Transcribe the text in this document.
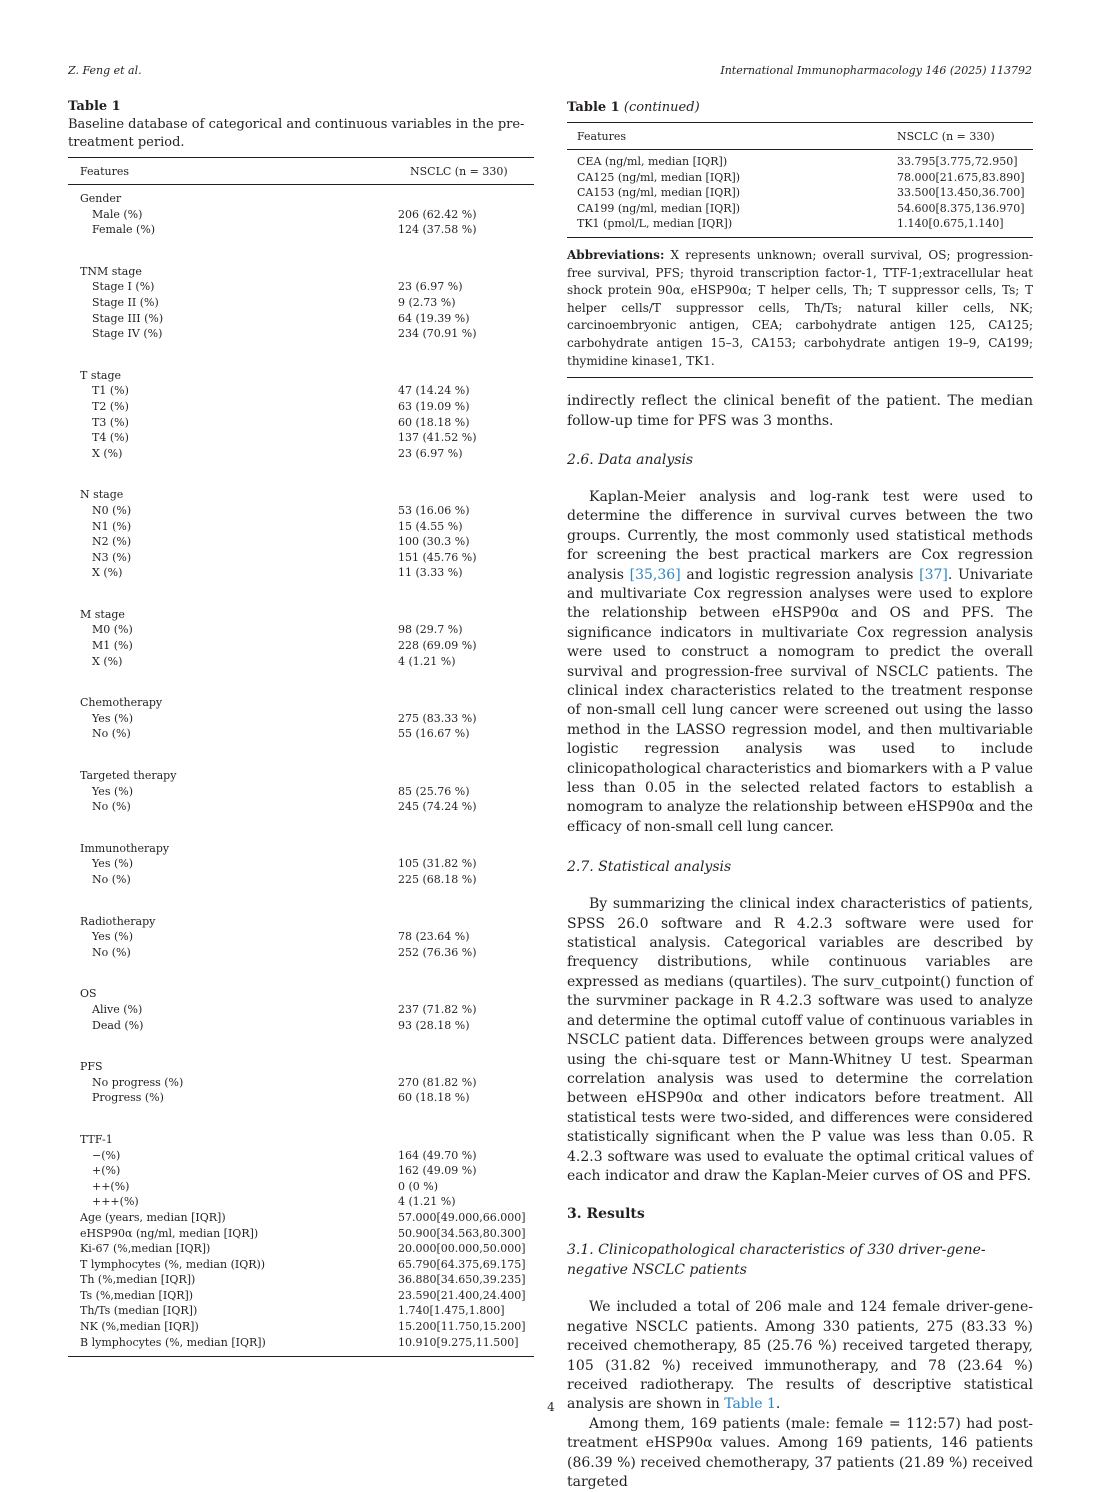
Z. Feng et al.	International Immunopharmacology 146 (2025) 113792

Table 1

Baseline database of categorical and continuous variables in the pre-treatment period.

Features	NSCLC (n = 330)
Gender
Male (%)	206 (62.42 %)
Female (%)	124 (37.58 %)
TNM stage
Stage I (%)	23 (6.97 %)
Stage II (%)	9 (2.73 %)
Stage III (%)	64 (19.39 %)
Stage IV (%)	234 (70.91 %)
T stage
T1 (%)	47 (14.24 %)
T2 (%)	63 (19.09 %)
T3 (%)	60 (18.18 %)
T4 (%)	137 (41.52 %)
X (%)	23 (6.97 %)
N stage
N0 (%)	53 (16.06 %)
N1 (%)	15 (4.55 %)
N2 (%)	100 (30.3 %)
N3 (%)	151 (45.76 %)
X (%)	11 (3.33 %)
M stage
M0 (%)	98 (29.7 %)
M1 (%)	228 (69.09 %)
X (%)	4 (1.21 %)
Chemotherapy
Yes (%)	275 (83.33 %)
No (%)	55 (16.67 %)
Targeted therapy
Yes (%)	85 (25.76 %)
No (%)	245 (74.24 %)
Immunotherapy
Yes (%)	105 (31.82 %)
No (%)	225 (68.18 %)
Radiotherapy
Yes (%)	78 (23.64 %)
No (%)	252 (76.36 %)
OS
Alive (%)	237 (71.82 %)
Dead (%)	93 (28.18 %)
PFS
No progress (%)	270 (81.82 %)
Progress (%)	60 (18.18 %)
TTF-1
−(%)	164 (49.70 %)
+(%)	162 (49.09 %)
++(%)	0 (0 %)
+++(%)	4 (1.21 %)
Age (years, median [IQR])	57.000[49.000,66.000]
eHSP90α (ng/ml, median [IQR])	50.900[34.563,80.300]
Ki-67 (%,median [IQR])	20.000[00.000,50.000]
T lymphocytes (%, median (IQR))	65.790[64.375,69.175]
Th (%,median [IQR])	36.880[34.650,39.235]
Ts (%,median [IQR])	23.590[21.400,24.400]
Th/Ts (median [IQR])	1.740[1.475,1.800]
NK (%,median [IQR])	15.200[11.750,15.200]
B lymphocytes (%, median [IQR])	10.910[9.275,11.500]

Table 1 (continued)

Features	NSCLC (n = 330)
CEA (ng/ml, median [IQR])	33.795[3.775,72.950]
CA125 (ng/ml, median [IQR])	78.000[21.675,83.890]
CA153 (ng/ml, median [IQR])	33.500[13.450,36.700]
CA199 (ng/ml, median [IQR])	54.600[8.375,136.970]
TK1 (pmol/L, median [IQR])	1.140[0.675,1.140]
Abbreviations: X represents unknown; overall survival, OS; progression-free survival, PFS; thyroid transcription factor-1, TTF-1;extracellular heat shock protein 90α, eHSP90α; T helper cells, Th; T suppressor cells, Ts; T helper cells/T suppressor cells, Th/Ts; natural killer cells, NK; carcinoembryonic antigen, CEA; carbohydrate antigen 125, CA125; carbohydrate antigen 15–3, CA153; carbohydrate antigen 19–9, CA199; thymidine kinase1, TK1.

indirectly reflect the clinical benefit of the patient. The median follow-up time for PFS was 3 months.

2.6. Data analysis

Kaplan-Meier analysis and log-rank test were used to determine the difference in survival curves between the two groups. Currently, the most commonly used statistical methods for screening the best practical markers are Cox regression analysis [35,36] and logistic regression analysis [37]. Univariate and multivariate Cox regression analyses were used to explore the relationship between eHSP90α and OS and PFS. The significance indicators in multivariate Cox regression analysis were used to construct a nomogram to predict the overall survival and progression-free survival of NSCLC patients. The clinical index characteristics related to the treatment response of non-small cell lung cancer were screened out using the lasso method in the LASSO regression model, and then multivariable logistic regression analysis was used to include clinicopathological characteristics and biomarkers with a P value less than 0.05 in the selected related factors to establish a nomogram to analyze the relationship between eHSP90α and the efficacy of non-small cell lung cancer.

2.7. Statistical analysis

By summarizing the clinical index characteristics of patients, SPSS 26.0 software and R 4.2.3 software were used for statistical analysis. Categorical variables are described by frequency distributions, while continuous variables are expressed as medians (quartiles). The surv_cutpoint() function of the survminer package in R 4.2.3 software was used to analyze and determine the optimal cutoff value of continuous variables in NSCLC patient data. Differences between groups were analyzed using the chi-square test or Mann-Whitney U test. Spearman correlation analysis was used to determine the correlation between eHSP90α and other indicators before treatment. All statistical tests were two-sided, and differences were considered statistically significant when the P value was less than 0.05. R 4.2.3 software was used to evaluate the optimal critical values of each indicator and draw the Kaplan-Meier curves of OS and PFS.

3. Results

3.1. Clinicopathological characteristics of 330 driver-gene-negative NSCLC patients

We included a total of 206 male and 124 female driver-gene-negative NSCLC patients. Among 330 patients, 275 (83.33 %) received chemotherapy, 85 (25.76 %) received targeted therapy, 105 (31.82 %) received immunotherapy, and 78 (23.64 %) received radiotherapy. The results of descriptive statistical analysis are shown in Table 1.

Among them, 169 patients (male: female = 112:57) had post-treatment eHSP90α values. Among 169 patients, 146 patients (86.39 %) received chemotherapy, 37 patients (21.89 %) received targeted

4
